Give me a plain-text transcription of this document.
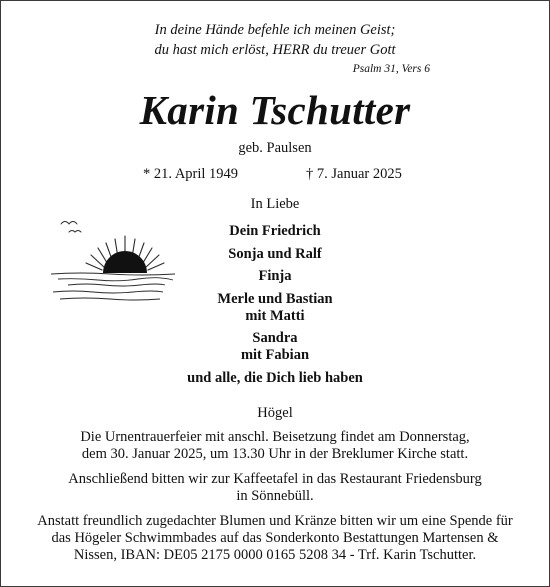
In deine Hände befehle ich meinen Geist;
du hast mich erlöst, HERR du treuer Gott
Psalm 31, Vers 6
Karin Tschutter
geb. Paulsen
* 21. April 1949	† 7. Januar 2025
In Liebe
Dein Friedrich
Sonja und Ralf
Finja
Merle und Bastian
mit Matti
Sandra
mit Fabian
und alle, die Dich lieb haben
Högel
Die Urnentrauerfeier mit anschl. Beisetzung findet am Donnerstag,
dem 30. Januar 2025, um 13.30 Uhr in der Breklumer Kirche statt.
Anschließend bitten wir zur Kaffeetafel in das Restaurant Friedensburg
in Sönnebüll.
Anstatt freundlich zugedachter Blumen und Kränze bitten wir um eine Spende für
das Högeler Schwimmbades auf das Sonderkonto Bestattungen Martensen &
Nissen, IBAN: DE05 2175 0000 0165 5208 34 - Trf. Karin Tschutter.
